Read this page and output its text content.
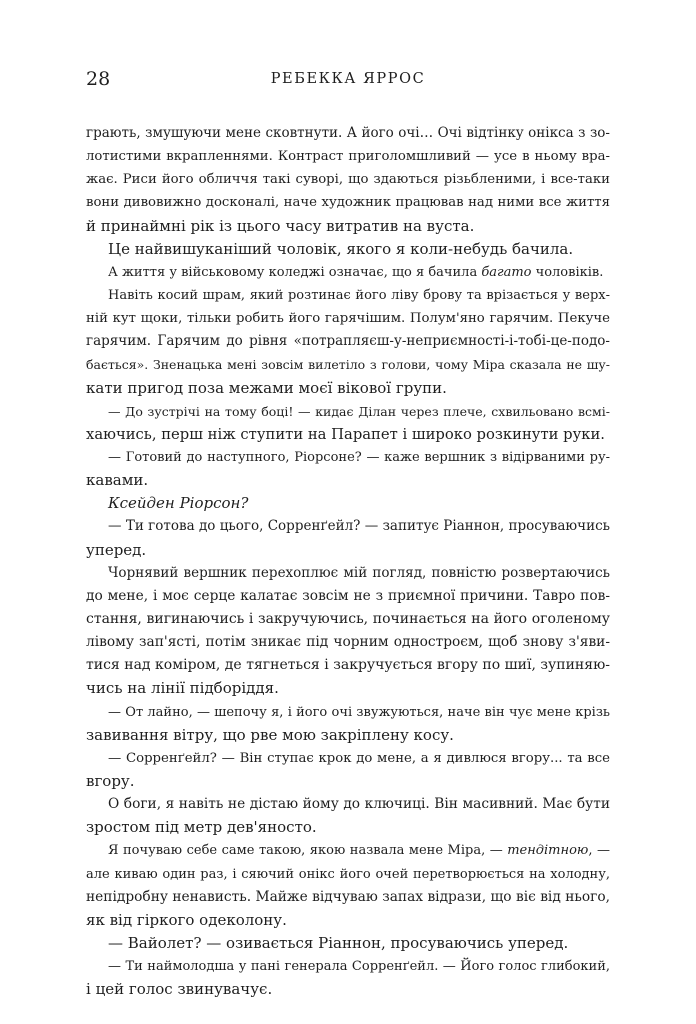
28	РЕБЕККА ЯРРОС
грають, змушуючи мене сковтнути. А його очі… Очі відтінку онікса з зо-
лотистими вкрапленнями. Контраст приголомшливий — усе в ньому вра-
жає. Риси його обличчя такі суворі, що здаються різьбленими, і все-таки
вони дивовижно досконалі, наче художник працював над ними все життя
й принаймні рік із цього часу витратив на вуста.
Це найвишуканіший чоловік, якого я коли-небудь бачила.
А життя у військовому коледжі означає, що я бачила багато чоловіків.
Навіть косий шрам, який розтинає його ліву брову та врізається у верх-
ній кут щоки, тільки робить його гарячішим. Полум'яно гарячим. Пекуче
гарячим. Гарячим до рівня «потрапляєш-у-неприємності-і-тобі-це-подо-
бається». Зненацька мені зовсім вилетіло з голови, чому Міра сказала не шу-
кати пригод поза межами моєї вікової групи.
— До зустрічі на тому боці! — кидає Ділан через плече, схвильовано всмі-
хаючись, перш ніж ступити на Парапет і широко розкинути руки.
— Готовий до наступного, Ріорсоне? — каже вершник з відірваними ру-
кавами.
Ксейден Ріорсон?
— Ти готова до цього, Сорренґейл? — запитує Ріаннон, просуваючись
уперед.
Чорнявий вершник перехоплює мій погляд, повністю розвертаючись
до мене, і моє серце калатає зовсім не з приємної причини. Тавро пов-
стання, вигинаючись і закручуючись, починається на його оголеному
лівому зап'ясті, потім зникає під чорним одностроєм, щоб знову з'яви-
тися над коміром, де тягнеться і закручується вгору по шиї, зупиняю-
чись на лінії підборіддя.
— От лайно, — шепочу я, і його очі звужуються, наче він чує мене крізь
завивання вітру, що рве мою закріплену косу.
— Сорренґейл? — Він ступає крок до мене, а я дивлюся вгору... та все
вгору.
О боги, я навіть не дістаю йому до ключиці. Він масивний. Має бути
зростом під метр дев'яносто.
Я почуваю себе саме такою, якою назвала мене Міра, — тендітною, —
але киваю один раз, і сяючий онікс його очей перетворюється на холодну,
непідробну ненависть. Майже відчуваю запах відрази, що віє від нього,
як від гіркого одеколону.
— Вайолет? — озивається Ріаннон, просуваючись уперед.
— Ти наймолодша у пані генерала Сорренґейл. — Його голос глибокий,
і цей голос звинувачує.
